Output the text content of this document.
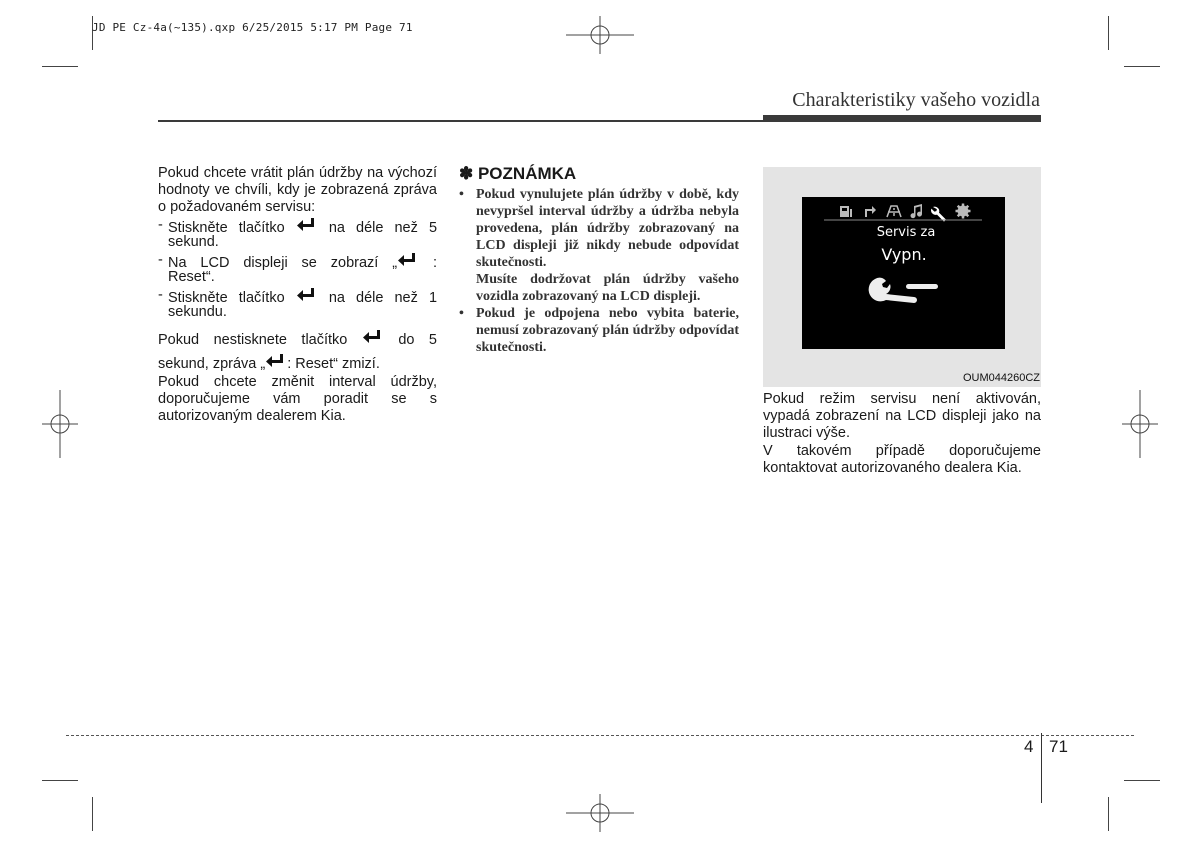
JD PE Cz-4a(~135).qxp 6/25/2015 5:17 PM Page 71
Charakteristiky vašeho vozidla

Pokud chcete vrátit plán údržby na výchozí hodnoty ve chvíli, kdy je zobrazená zpráva o požadovaném servisu:

- Stiskněte tlačítko	na déle než 5
sekund.
- Na LCD displeji se zobrazí „ :
Reset“.
- Stiskněte tlačítko	na déle než 1
sekundu.
Pokud nestisknete tlačítko	do 5
sekund, zpráva „ : Reset“ zmizí.

Pokud chcete změnit interval údržby, doporučujeme vám poradit se s autorizovaným dealerem Kia.

✽ POZNÁMKA

• Pokud vynulujete plán údržby v době, kdy nevypršel interval údržby a údržba nebyla provedena, plán údržby zobrazovaný na LCD displeji již nikdy nebude odpovídat skutečnosti.

Musíte dodržovat plán údržby vašeho vozidla zobrazovaný na LCD displeji.

• Pokud je odpojena nebo vybita baterie, nemusí zobrazovaný plán údržby odpovídat skutečnosti.

Servis za
Vypn.
OUM044260CZ

Pokud režim servisu není aktivován, vypadá zobrazení na LCD displeji jako na ilustraci výše.

V takovém případě doporučujeme kontaktovat autorizovaného dealera Kia.

4 71
